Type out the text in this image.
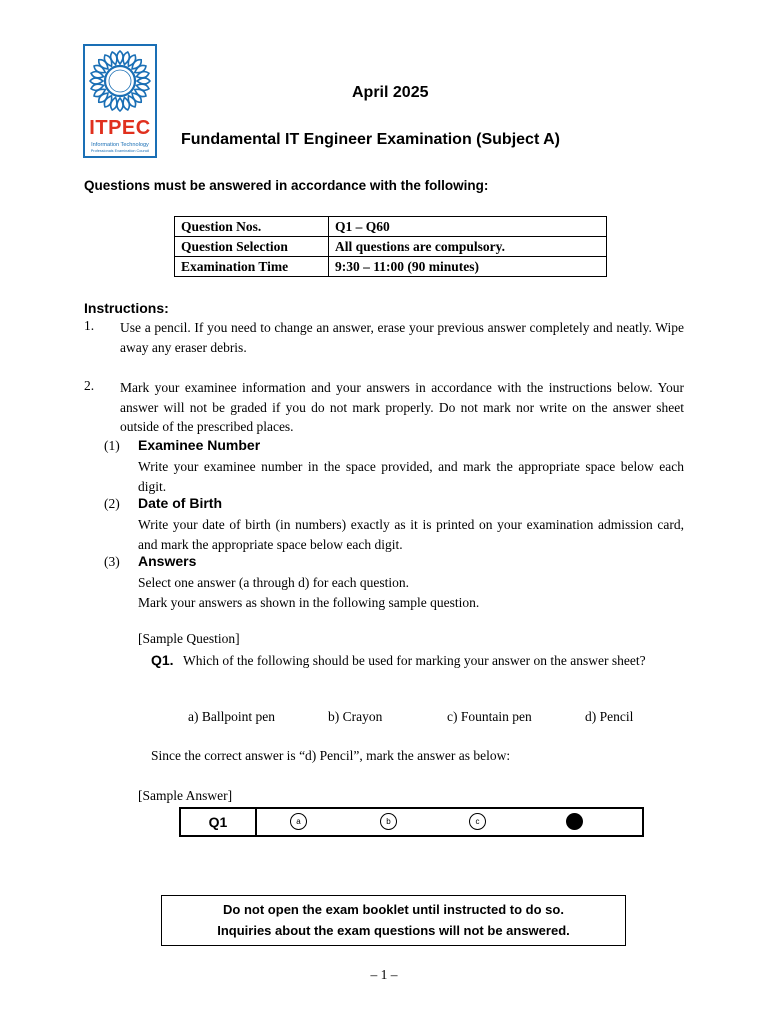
ITPEC
Information Technology
Professionals Examination Council
April 2025
Fundamental IT Engineer Examination (Subject A)
Questions must be answered in accordance with the following:
Question Nos.	Q1 – Q60
Question Selection	All questions are compulsory.
Examination Time	9:30 – 11:00 (90 minutes)
Instructions:
1. Use a pencil. If you need to change an answer, erase your previous answer completely and neatly. Wipe away any eraser debris.
2. Mark your examinee information and your answers in accordance with the instructions below. Your answer will not be graded if you do not mark properly. Do not mark nor write on the answer sheet outside of the prescribed places.
(1) Examinee Number
Write your examinee number in the space provided, and mark the appropriate space below each digit.
(2) Date of Birth
Write your date of birth (in numbers) exactly as it is printed on your examination admission card, and mark the appropriate space below each digit.
(3) Answers
Select one answer (a through d) for each question.
Mark your answers as shown in the following sample question.
[Sample Question]
Q1. Which of the following should be used for marking your answer on the answer sheet?
a) Ballpoint pen	b) Crayon	c) Fountain pen	d) Pencil
Since the correct answer is “d) Pencil”, mark the answer as below:
[Sample Answer]
Q1		a	b	c
Do not open the exam booklet until instructed to do so.
Inquiries about the exam questions will not be answered.
– 1 –
